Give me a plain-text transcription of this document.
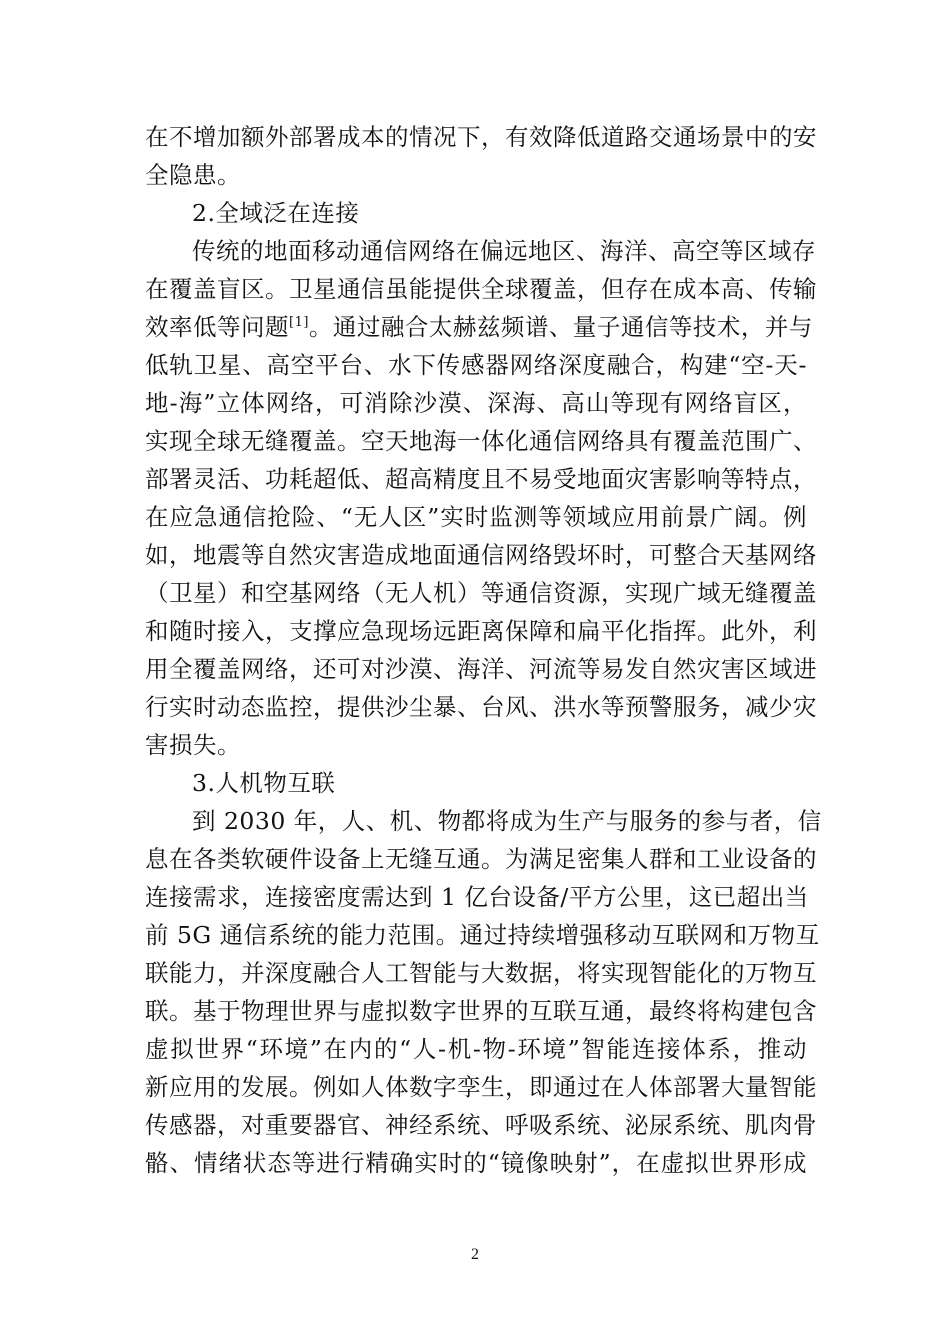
在不增加额外部署成本的情况下，有效降低道路交通场景中的安
全隐患。
2.全域泛在连接
传统的地面移动通信网络在偏远地区、海洋、高空等区域存
在覆盖盲区。卫星通信虽能提供全球覆盖，但存在成本高、传输
效率低等问题[1]。通过融合太赫兹频谱、量子通信等技术，并与
低轨卫星、高空平台、水下传感器网络深度融合，构建“空-天-
地-海”立体网络，可消除沙漠、深海、高山等现有网络盲区，
实现全球无缝覆盖。空天地海一体化通信网络具有覆盖范围广、
部署灵活、功耗超低、超高精度且不易受地面灾害影响等特点，
在应急通信抢险、“无人区”实时监测等领域应用前景广阔。例
如，地震等自然灾害造成地面通信网络毁坏时，可整合天基网络
（卫星）和空基网络（无人机）等通信资源，实现广域无缝覆盖
和随时接入，支撑应急现场远距离保障和扁平化指挥。此外，利
用全覆盖网络，还可对沙漠、海洋、河流等易发自然灾害区域进
行实时动态监控，提供沙尘暴、台风、洪水等预警服务，减少灾
害损失。
3.人机物互联
到 2030 年，人、机、物都将成为生产与服务的参与者，信
息在各类软硬件设备上无缝互通。为满足密集人群和工业设备的
连接需求，连接密度需达到 1 亿台设备/平方公里，这已超出当
前 5G 通信系统的能力范围。通过持续增强移动互联网和万物互
联能力，并深度融合人工智能与大数据，将实现智能化的万物互
联。基于物理世界与虚拟数字世界的互联互通，最终将构建包含
虚拟世界“环境”在内的“人-机-物-环境”智能连接体系，推动
新应用的发展。例如人体数字孪生，即通过在人体部署大量智能
传感器，对重要器官、神经系统、呼吸系统、泌尿系统、肌肉骨
骼、情绪状态等进行精确实时的“镜像映射”，在虚拟世界形成
2
